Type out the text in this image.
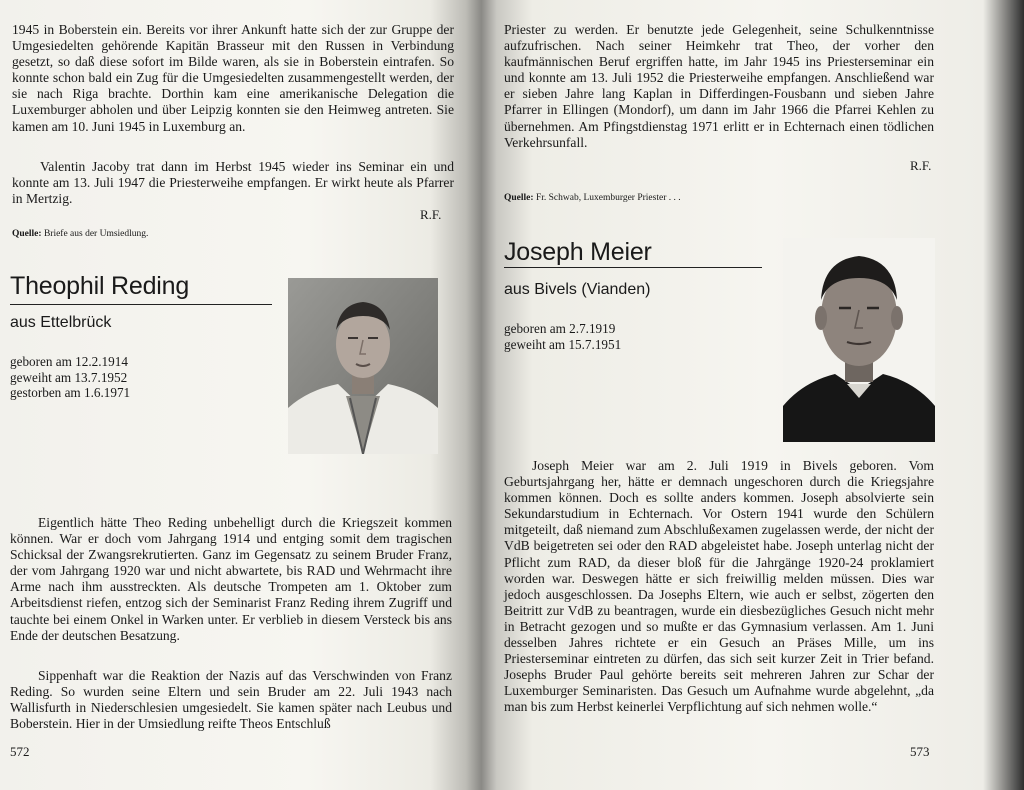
1945 in Boberstein ein. Bereits vor ihrer Ankunft hatte sich der zur Gruppe der Umgesiedelten gehörende Kapitän Brasseur mit den Russen in Verbindung gesetzt, so daß diese sofort im Bilde waren, als sie in Boberstein eintrafen. So konnte schon bald ein Zug für die Umgesiedelten zusammengestellt werden, der sie nach Riga brachte. Dorthin kam eine amerikanische Delegation die Luxemburger abholen und über Leipzig konnten sie den Heimweg antreten. Sie kamen am 10. Juni 1945 in Luxemburg an.

Valentin Jacoby trat dann im Herbst 1945 wieder ins Seminar ein und konnte am 13. Juli 1947 die Priesterweihe empfangen. Er wirkt heute als Pfarrer in Mertzig.

R.F.
Quelle: Briefe aus der Umsiedlung.
Theophil Reding
aus Ettelbrück
geboren am 12.2.1914
geweiht am 13.7.1952
gestorben am 1.6.1971

Eigentlich hätte Theo Reding unbehelligt durch die Kriegszeit kommen können. War er doch vom Jahrgang 1914 und entging somit dem tragischen Schicksal der Zwangsrekrutierten. Ganz im Gegensatz zu seinem Bruder Franz, der vom Jahrgang 1920 war und nicht abwartete, bis RAD und Wehrmacht ihre Arme nach ihm ausstreckten. Als deutsche Trompeten am 1. Oktober zum Arbeitsdienst riefen, entzog sich der Seminarist Franz Reding ihrem Zugriff und tauchte bei einem Onkel in Warken unter. Er verblieb in diesem Versteck bis ans Ende der deutschen Besatzung.

Sippenhaft war die Reaktion der Nazis auf das Verschwinden von Franz Reding. So wurden seine Eltern und sein Bruder am 22. Juli 1943 nach Wallisfurth in Niederschlesien umgesiedelt. Sie kamen später nach Leubus und Boberstein. Hier in der Umsiedlung reifte Theos Entschluß

572

Priester zu werden. Er benutzte jede Gelegenheit, seine Schulkenntnisse aufzufrischen. Nach seiner Heimkehr trat Theo, der vorher den kaufmännischen Beruf ergriffen hatte, im Jahr 1945 ins Priesterseminar ein und konnte am 13. Juli 1952 die Priesterweihe empfangen. Anschließend war er sieben Jahre lang Kaplan in Differdingen-Fousbann und sieben Jahre Pfarrer in Ellingen (Mondorf), um dann im Jahr 1966 die Pfarrei Kehlen zu übernehmen. Am Pfingstdienstag 1971 erlitt er in Echternach einen tödlichen Verkehrsunfall.

R.F.
Quelle: Fr. Schwab, Luxemburger Priester . . .
Joseph Meier
aus Bivels (Vianden)
geboren am 2.7.1919
geweiht am 15.7.1951

Joseph Meier war am 2. Juli 1919 in Bivels geboren. Vom Geburtsjahrgang her, hätte er demnach ungeschoren durch die Kriegsjahre kommen können. Doch es sollte anders kommen. Joseph absolvierte sein Sekundarstudium in Echternach. Vor Ostern 1941 wurde den Schülern mitgeteilt, daß niemand zum Abschlußexamen zugelassen werde, der nicht der VdB beigetreten sei oder den RAD abgeleistet habe. Joseph unterlag nicht der Pflicht zum RAD, da dieser bloß für die Jahrgänge 1920-24 proklamiert worden war. Deswegen hätte er sich freiwillig melden müssen. Dies war jedoch ausgeschlossen. Da Josephs Eltern, wie auch er selbst, zögerten den Beitritt zur VdB zu beantragen, wurde ein diesbezügliches Gesuch nicht mehr in Betracht gezogen und so mußte er das Gymnasium verlassen. Am 1. Juni desselben Jahres richtete er ein Gesuch an Präses Mille, um ins Priesterseminar eintreten zu dürfen, das sich seit kurzer Zeit in Trier befand. Josephs Bruder Paul gehörte bereits seit mehreren Jahren zur Schar der Luxemburger Seminaristen. Das Gesuch um Aufnahme wurde abgelehnt, „da man bis zum Herbst keinerlei Verpflichtung auf sich nehmen wolle.“

573
